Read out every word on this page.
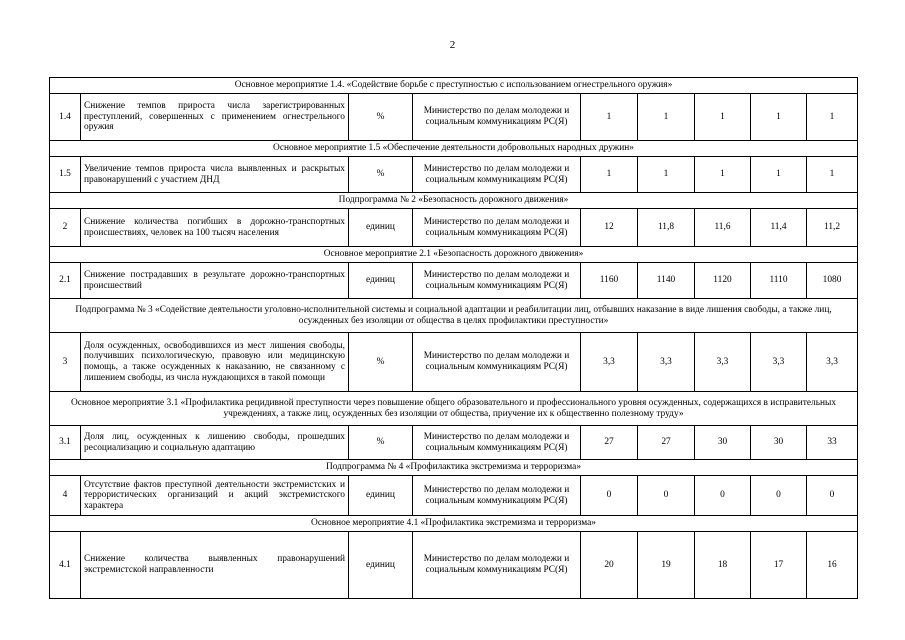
2
Основное мероприятие 1.4. «Содействие борьбе с преступностью с использованием огнестрельного оружия»								
1.4	Снижение темпов прироста числа зарегистрированных преступлений, совершенных с применением огнестрельного оружия	%	Министерство по делам молодежи и социальным коммуникациям РС(Я)	1	1	1	1	1
Основное мероприятие 1.5 «Обеспечение деятельности добровольных народных дружин»								
1.5	Увеличение темпов прироста числа выявленных и раскрытых правонарушений с участием ДНД	%	Министерство по делам молодежи и социальным коммуникациям РС(Я)	1	1	1	1	1
Подпрограмма № 2 «Безопасность дорожного движения»								
2	Снижение количества погибших в дорожно-транспортных происшествиях, человек на 100 тысяч населения	единиц	Министерство по делам молодежи и социальным коммуникациям РС(Я)	12	11,8	11,6	11,4	11,2
Основное мероприятие 2.1 «Безопасность дорожного движения»								
2.1	Снижение пострадавших в результате дорожно-транспортных происшествий	единиц	Министерство по делам молодежи и социальным коммуникациям РС(Я)	1160	1140	1120	1110	1080
Подпрограмма № 3 «Содействие деятельности уголовно-исполнительной системы и социальной адаптации и реабилитации лиц, отбывших наказание в виде лишения свободы, а также лиц, осужденных без изоляции от общества в целях профилактики преступности»								
3	Доля осужденных, освободившихся из мест лишения свободы, получивших психологическую, правовую или медицинскую помощь, а также осужденных к наказанию, не связанному с лишением свободы, из числа нуждающихся в такой помощи	%	Министерство по делам молодежи и социальным коммуникациям РС(Я)	3,3	3,3	3,3	3,3	3,3
Основное мероприятие 3.1 «Профилактика рецидивной преступности через повышение общего образовательного и профессионального уровня осужденных, содержащихся в исправительных учреждениях, а также лиц, осужденных без изоляции от общества, приучение их к общественно полезному труду»								
3.1	Доля лиц, осужденных к лишению свободы, прошедших ресоциализацию и социальную адаптацию	%	Министерство по делам молодежи и социальным коммуникациям РС(Я)	27	27	30	30	33
Подпрограмма № 4 «Профилактика экстремизма и терроризма»								
4	Отсутствие фактов преступной деятельности экстремистских и террористических организаций и акций экстремистского характера	единиц	Министерство по делам молодежи и социальным коммуникациям РС(Я)	0	0	0	0	0
Основное мероприятие 4.1 «Профилактика экстремизма и терроризма»								
4.1	Снижение количества выявленных правонарушений экстремистской направленности	единиц	Министерство по делам молодежи и социальным коммуникациям РС(Я)	20	19	18	17	16
